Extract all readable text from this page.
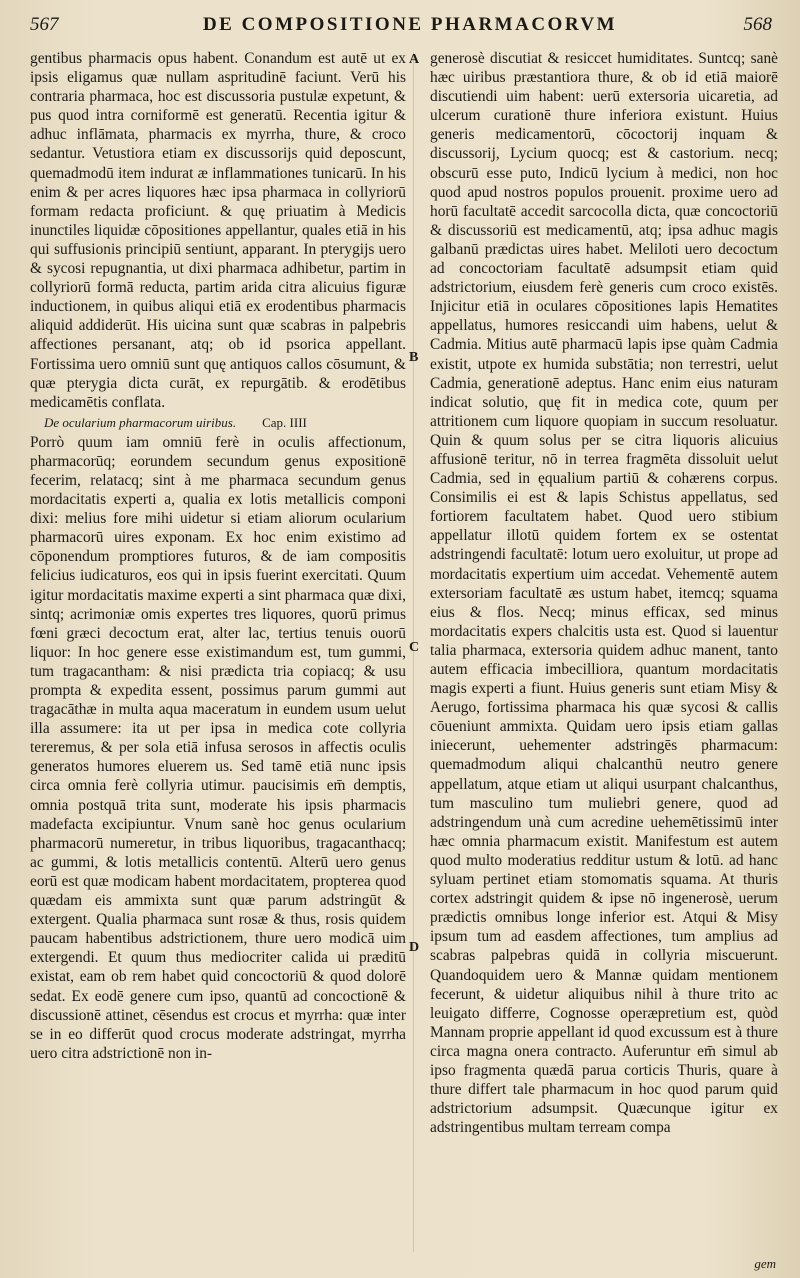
567	DE COMPOSITIONE PHARMACORVM	568

gentibus pharmacis opus habent. Conandum est autē ut ex ipsis eligamus quæ nullam aspritudinē faciunt. Verū his contraria pharmaca, hoc est discussoria pustulæ expetunt, & pus quod intra corniformē est generatū. Recentia igitur & adhuc inflāmata, pharmacis ex myrrha, thure, & croco sedantur. Vetustiora etiam ex discussorijs quid deposcunt, quemadmodū item indurat æ inflammationes tunicarū. In his enim & per acres liquores hæc ipsa pharmaca in collyriorū formam redacta proficiunt. & quę priuatim à Medicis inunctiles liquidæ cōpositiones appellantur, quales etiā in his qui suffusionis principiū sentiunt, apparant. In pterygijs uero & sycosi repugnantia, ut dixi pharmaca adhibetur, partim in collyriorū formā reducta, partim arida citra alicuius figuræ inductionem, in quibus aliqui etiā ex erodentibus pharmacis aliquid addiderūt. His uicina sunt quæ scabras in palpebris affectiones persanant, atq; ob id psorica appellant. Fortissima uero omniū sunt quę antiquos callos cōsumunt, & quæ pterygia dicta curāt, ex repurgātib. & erodētibus medicamētis conflata.

De ocularium pharmacorum uiribus. Cap. IIII

Porrò quum iam omniū ferè in oculis affectionum, pharmacorūq; eorundem secundum genus expositionē fecerim, relatacq; sint à me pharmaca secundum genus mordacitatis experti a, qualia ex lotis metallicis componi dixi: melius fore mihi uidetur si etiam aliorum ocularium pharmacorū uires exponam. Ex hoc enim existimo ad cōponendum promptiores futuros, & de iam compositis felicius iudicaturos, eos qui in ipsis fuerint exercitati. Quum igitur mordacitatis maxime experti a sint pharmaca quæ dixi, sintq; acrimoniæ omis expertes tres liquores, quorū primus fœni græci decoctum erat, alter lac, tertius tenuis ouorū liquor: In hoc genere esse existimandum est, tum gummi, tum tragacantham: & nisi prædicta tria copiacq; & usu prompta & expedita essent, possimus parum gummi aut tragacāthæ in multa aqua maceratum in eundem usum uelut illa assumere: ita ut per ipsa in medica cote collyria tereremus, & per sola etiā infusa serosos in affectis oculis generatos humores eluerem us. Sed tamē etiā nunc ipsis circa omnia ferè collyria utimur. paucisimis em̄ demptis, omnia postquā trita sunt, moderate his ipsis pharmacis madefacta excipiuntur. Vnum sanè hoc genus ocularium pharmacorū numeretur, in tribus liquoribus, tragacanthacq; ac gummi, & lotis metallicis contentū. Alterū uero genus eorū est quæ modicam habent mordacitatem, propterea quod quædam eis ammixta sunt quæ parum adstringūt & extergent. Qualia pharmaca sunt rosæ & thus, rosis quidem paucam habentibus adstrictionem, thure uero modicā uim extergendi. Et quum thus mediocriter calida ui præditū existat, eam ob rem habet quid concoctoriū & quod dolorē sedat. Ex eodē genere cum ipso, quantū ad concoctionē & discussionē attinet, cēsendus est crocus et myrrha: quæ inter se in eo differūt quod crocus moderate adstringat, myrrha uero citra adstrictionē non in-

A
B
C
D

generosè discutiat & resiccet humiditates. Suntcq; sanè hæc uiribus præstantiora thure, & ob id etiā maiorē discutiendi uim habent: uerū extersoria uicaretia, ad ulcerum curationē thure inferiora existunt. Huius generis medicamentorū, cōcoctorij inquam & discussorij, Lycium quocq; est & castorium. necq; obscurū esse puto, Indicū lycium à medici, non hoc quod apud nostros populos prouenit. proxime uero ad horū facultatē accedit sarcocolla dicta, quæ concoctoriū & discussoriū est medicamentū, atq; ipsa adhuc magis galbanū prædictas uires habet. Meliloti uero decoctum ad concoctoriam facultatē adsumpsit etiam quid adstrictorium, eiusdem ferè generis cum croco existēs. Injicitur etiā in oculares cōpositiones lapis Hematites appellatus, humores resiccandi uim habens, uelut & Cadmia. Mitius autē pharmacū lapis ipse quàm Cadmia existit, utpote ex humida substātia; non terrestri, uelut Cadmia, generationē adeptus. Hanc enim eius naturam indicat solutio, quę fit in medica cote, quum per attritionem cum liquore quopiam in succum resoluatur. Quin & quum solus per se citra liquoris alicuius affusionē teritur, nō in terrea fragmēta dissoluit uelut Cadmia, sed in ęqualium partiū & cohærens corpus. Consimilis ei est & lapis Schistus appellatus, sed fortiorem facultatem habet. Quod uero stibium appellatur illotū quidem fortem ex se ostentat adstringendi facultatē: lotum uero exoluitur, ut prope ad mordacitatis expertium uim accedat. Vehementē autem extersoriam facultatē æs ustum habet, itemcq; squama eius & flos. Necq; minus efficax, sed minus mordacitatis expers chalcitis usta est. Quod si lauentur talia pharmaca, extersoria quidem adhuc manent, tanto autem efficacia imbecilliora, quantum mordacitatis magis experti a fiunt. Huius generis sunt etiam Misy & Aerugo, fortissima pharmaca his quæ sycosi & callis cōueniunt ammixta. Quidam uero ipsis etiam gallas iniecerunt, uehementer adstringēs pharmacum: quemadmodum aliqui chalcanthū neutro genere appellatum, atque etiam ut aliqui usurpant chalcanthus, tum masculino tum muliebri genere, quod ad adstringendum unà cum acredine uehemētissimū inter hæc omnia pharmacum existit. Manifestum est autem quod multo moderatius redditur ustum & lotū. ad hanc syluam pertinet etiam stomomatis squama. At thuris cortex adstringit quidem & ipse nō ingenerosè, uerum prædictis omnibus longe inferior est. Atqui & Misy ipsum tum ad easdem affectiones, tum amplius ad scabras palpebras quidā in collyria miscuerunt. Quandoquidem uero & Mannæ quidam mentionem fecerunt, & uidetur aliquibus nihil à thure trito ac leuigato differre, Cognosse operæpretium est, quòd Mannam proprie appellant id quod excussum est à thure circa magna onera contracto. Auferuntur em̄ simul ab ipso fragmenta quædā parua corticis Thuris, quare à thure differt tale pharmacum in hoc quod parum quid adstrictorium adsumpsit. Quæcunque igitur ex adstringentibus multam terream compa

gem
